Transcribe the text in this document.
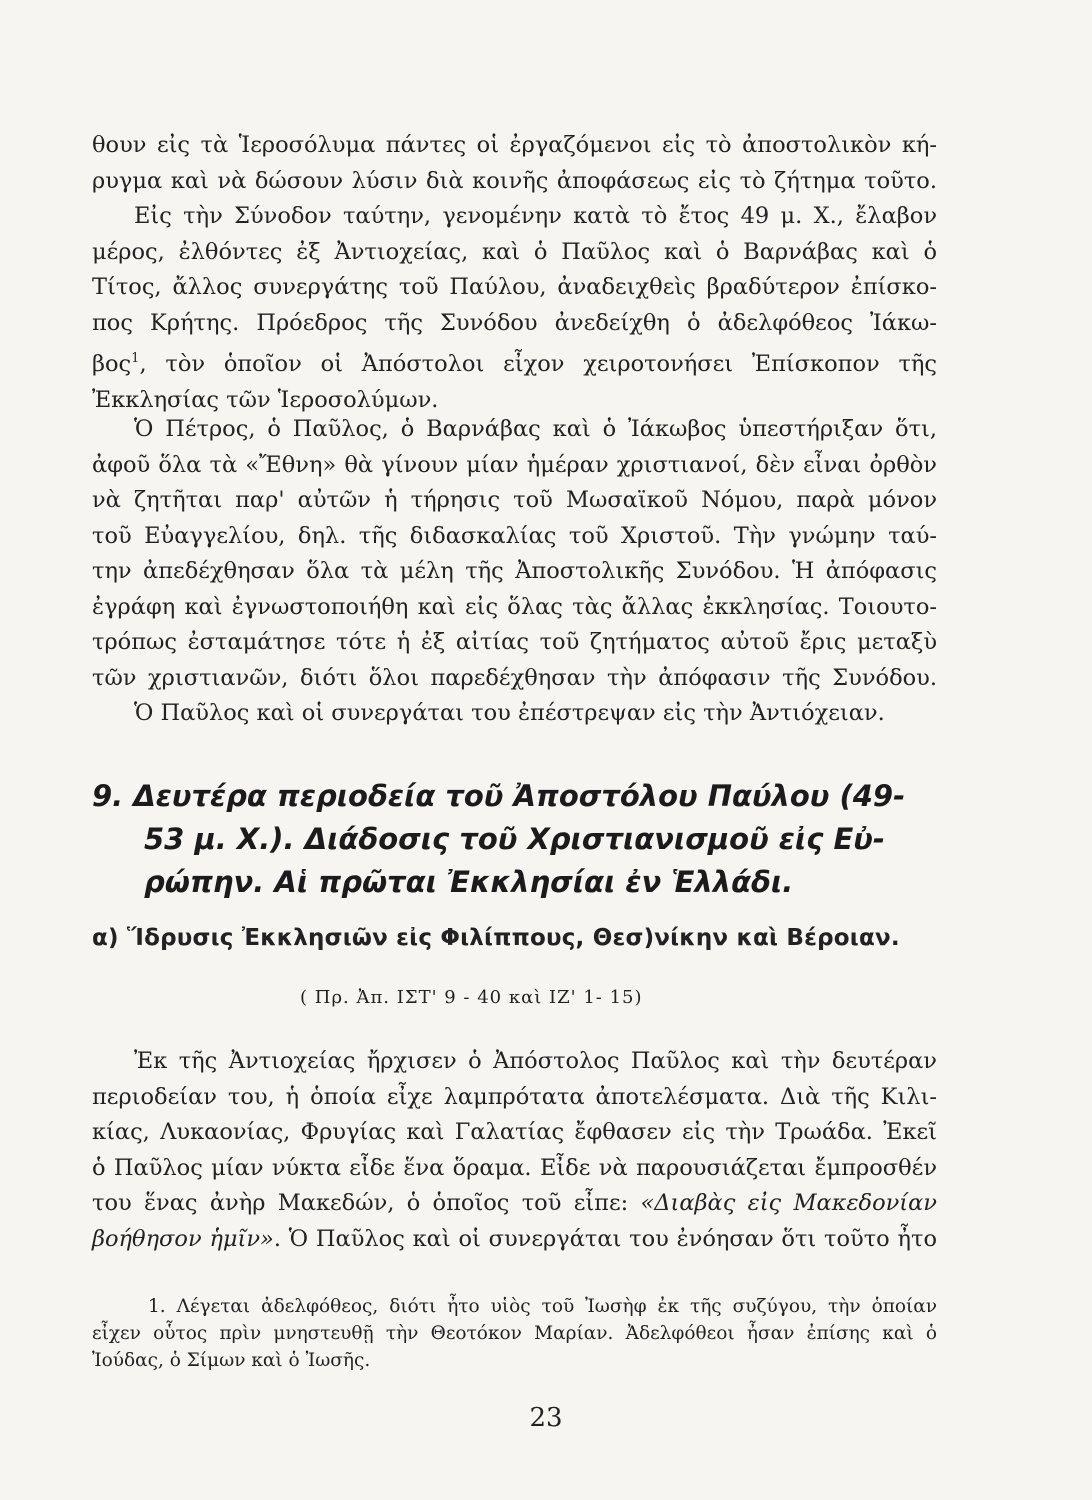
θουν εἰς τὰ Ἱεροσόλυμα πάντες οἱ ἐργαζόμενοι εἰς τὸ ἀποστολικὸν κή-
ρυγμα καὶ νὰ δώσουν λύσιν διὰ κοινῆς ἀποφάσεως εἰς τὸ ζήτημα τοῦτο.
Εἰς τὴν Σύνοδον ταύτην, γενομένην κατὰ τὸ ἔτος 49 μ. Χ., ἔλαβον
μέρος, ἐλθόντες ἐξ Ἀντιοχείας, καὶ ὁ Παῦλος καὶ ὁ Βαρνάβας καὶ ὁ
Τίτος, ἄλλος συνεργάτης τοῦ Παύλου, ἀναδειχθεὶς βραδύτερον ἐπίσκο-
πος Κρήτης. Πρόεδρος τῆς Συνόδου ἀνεδείχθη ὁ ἀδελφόθεος Ἰάκω-
βος$^1$, τὸν ὁποῖον οἱ Ἀπόστολοι εἶχον χειροτονήσει Ἐπίσκοπον τῆς
Ἐκκλησίας τῶν Ἱεροσολύμων.
Ὁ Πέτρος, ὁ Παῦλος, ὁ Βαρνάβας καὶ ὁ Ἰάκωβος ὑπεστήριξαν ὅτι,
ἀφοῦ ὅλα τὰ «Ἔθνη» θὰ γίνουν μίαν ἡμέραν χριστιανοί, δὲν εἶναι ὀρθὸν
νὰ ζητῆται παρ' αὐτῶν ἡ τήρησις τοῦ Μωσαϊκοῦ Νόμου, παρὰ μόνον
τοῦ Εὐαγγελίου, δηλ. τῆς διδασκαλίας τοῦ Χριστοῦ. Τὴν γνώμην ταύ-
την ἀπεδέχθησαν ὅλα τὰ μέλη τῆς Ἀποστολικῆς Συνόδου. Ἡ ἀπόφασις
ἐγράφη καὶ ἐγνωστοποιήθη καὶ εἰς ὅλας τὰς ἄλλας ἐκκλησίας. Τοιουτο-
τρόπως ἐσταμάτησε τότε ἡ ἐξ αἰτίας τοῦ ζητήματος αὐτοῦ ἔρις μεταξὺ
τῶν χριστιανῶν, διότι ὅλοι παρεδέχθησαν τὴν ἀπόφασιν τῆς Συνόδου.
Ὁ Παῦλος καὶ οἱ συνεργάται του ἐπέστρεψαν εἰς τὴν Ἀντιόχειαν.
9. Δευτέρα περιοδεία τοῦ Ἀποστόλου Παύλου (49-
53 μ. Χ.). Διάδοσις τοῦ Χριστιανισμοῦ εἰς Εὐ-
ρώπην. Αἱ πρῶται Ἐκκλησίαι ἐν Ἑλλάδι.
α) Ἵδρυσις Ἐκκλησιῶν εἰς Φιλίππους, Θεσ)νίκην καὶ Βέροιαν.
( Πρ. Ἀπ. ΙΣΤ' 9 - 40 καὶ ΙΖ' 1- 15)
Ἐκ τῆς Ἀντιοχείας ἤρχισεν ὁ Ἀπόστολος Παῦλος καὶ τὴν δευτέραν
περιοδείαν του, ἡ ὁποία εἶχε λαμπρότατα ἀποτελέσματα. Διὰ τῆς Κιλι-
κίας, Λυκαονίας, Φρυγίας καὶ Γαλατίας ἔφθασεν εἰς τὴν Τρωάδα. Ἐκεῖ
ὁ Παῦλος μίαν νύκτα εἶδε ἕνα ὅραμα. Εἶδε νὰ παρουσιάζεται ἔμπροσθέν
του ἕνας ἀνὴρ Μακεδών, ὁ ὁποῖος τοῦ εἶπε: «Διαβὰς εἰς Μακεδονίαν
βοήθησον ἡμῖν». Ὁ Παῦλος καὶ οἱ συνεργάται του ἐνόησαν ὅτι τοῦτο ἦτο
1. Λέγεται ἀδελφόθεος, διότι ἦτο υἱὸς τοῦ Ἰωσὴφ ἐκ τῆς συζύγου, τὴν ὁποίαν
εἶχεν οὗτος πρὶν μνηστευθῇ τὴν Θεοτόκον Μαρίαν. Ἀδελφόθεοι ἦσαν ἐπίσης καὶ ὁ
Ἰούδας, ὁ Σίμων καὶ ὁ Ἰωσῆς.
23
